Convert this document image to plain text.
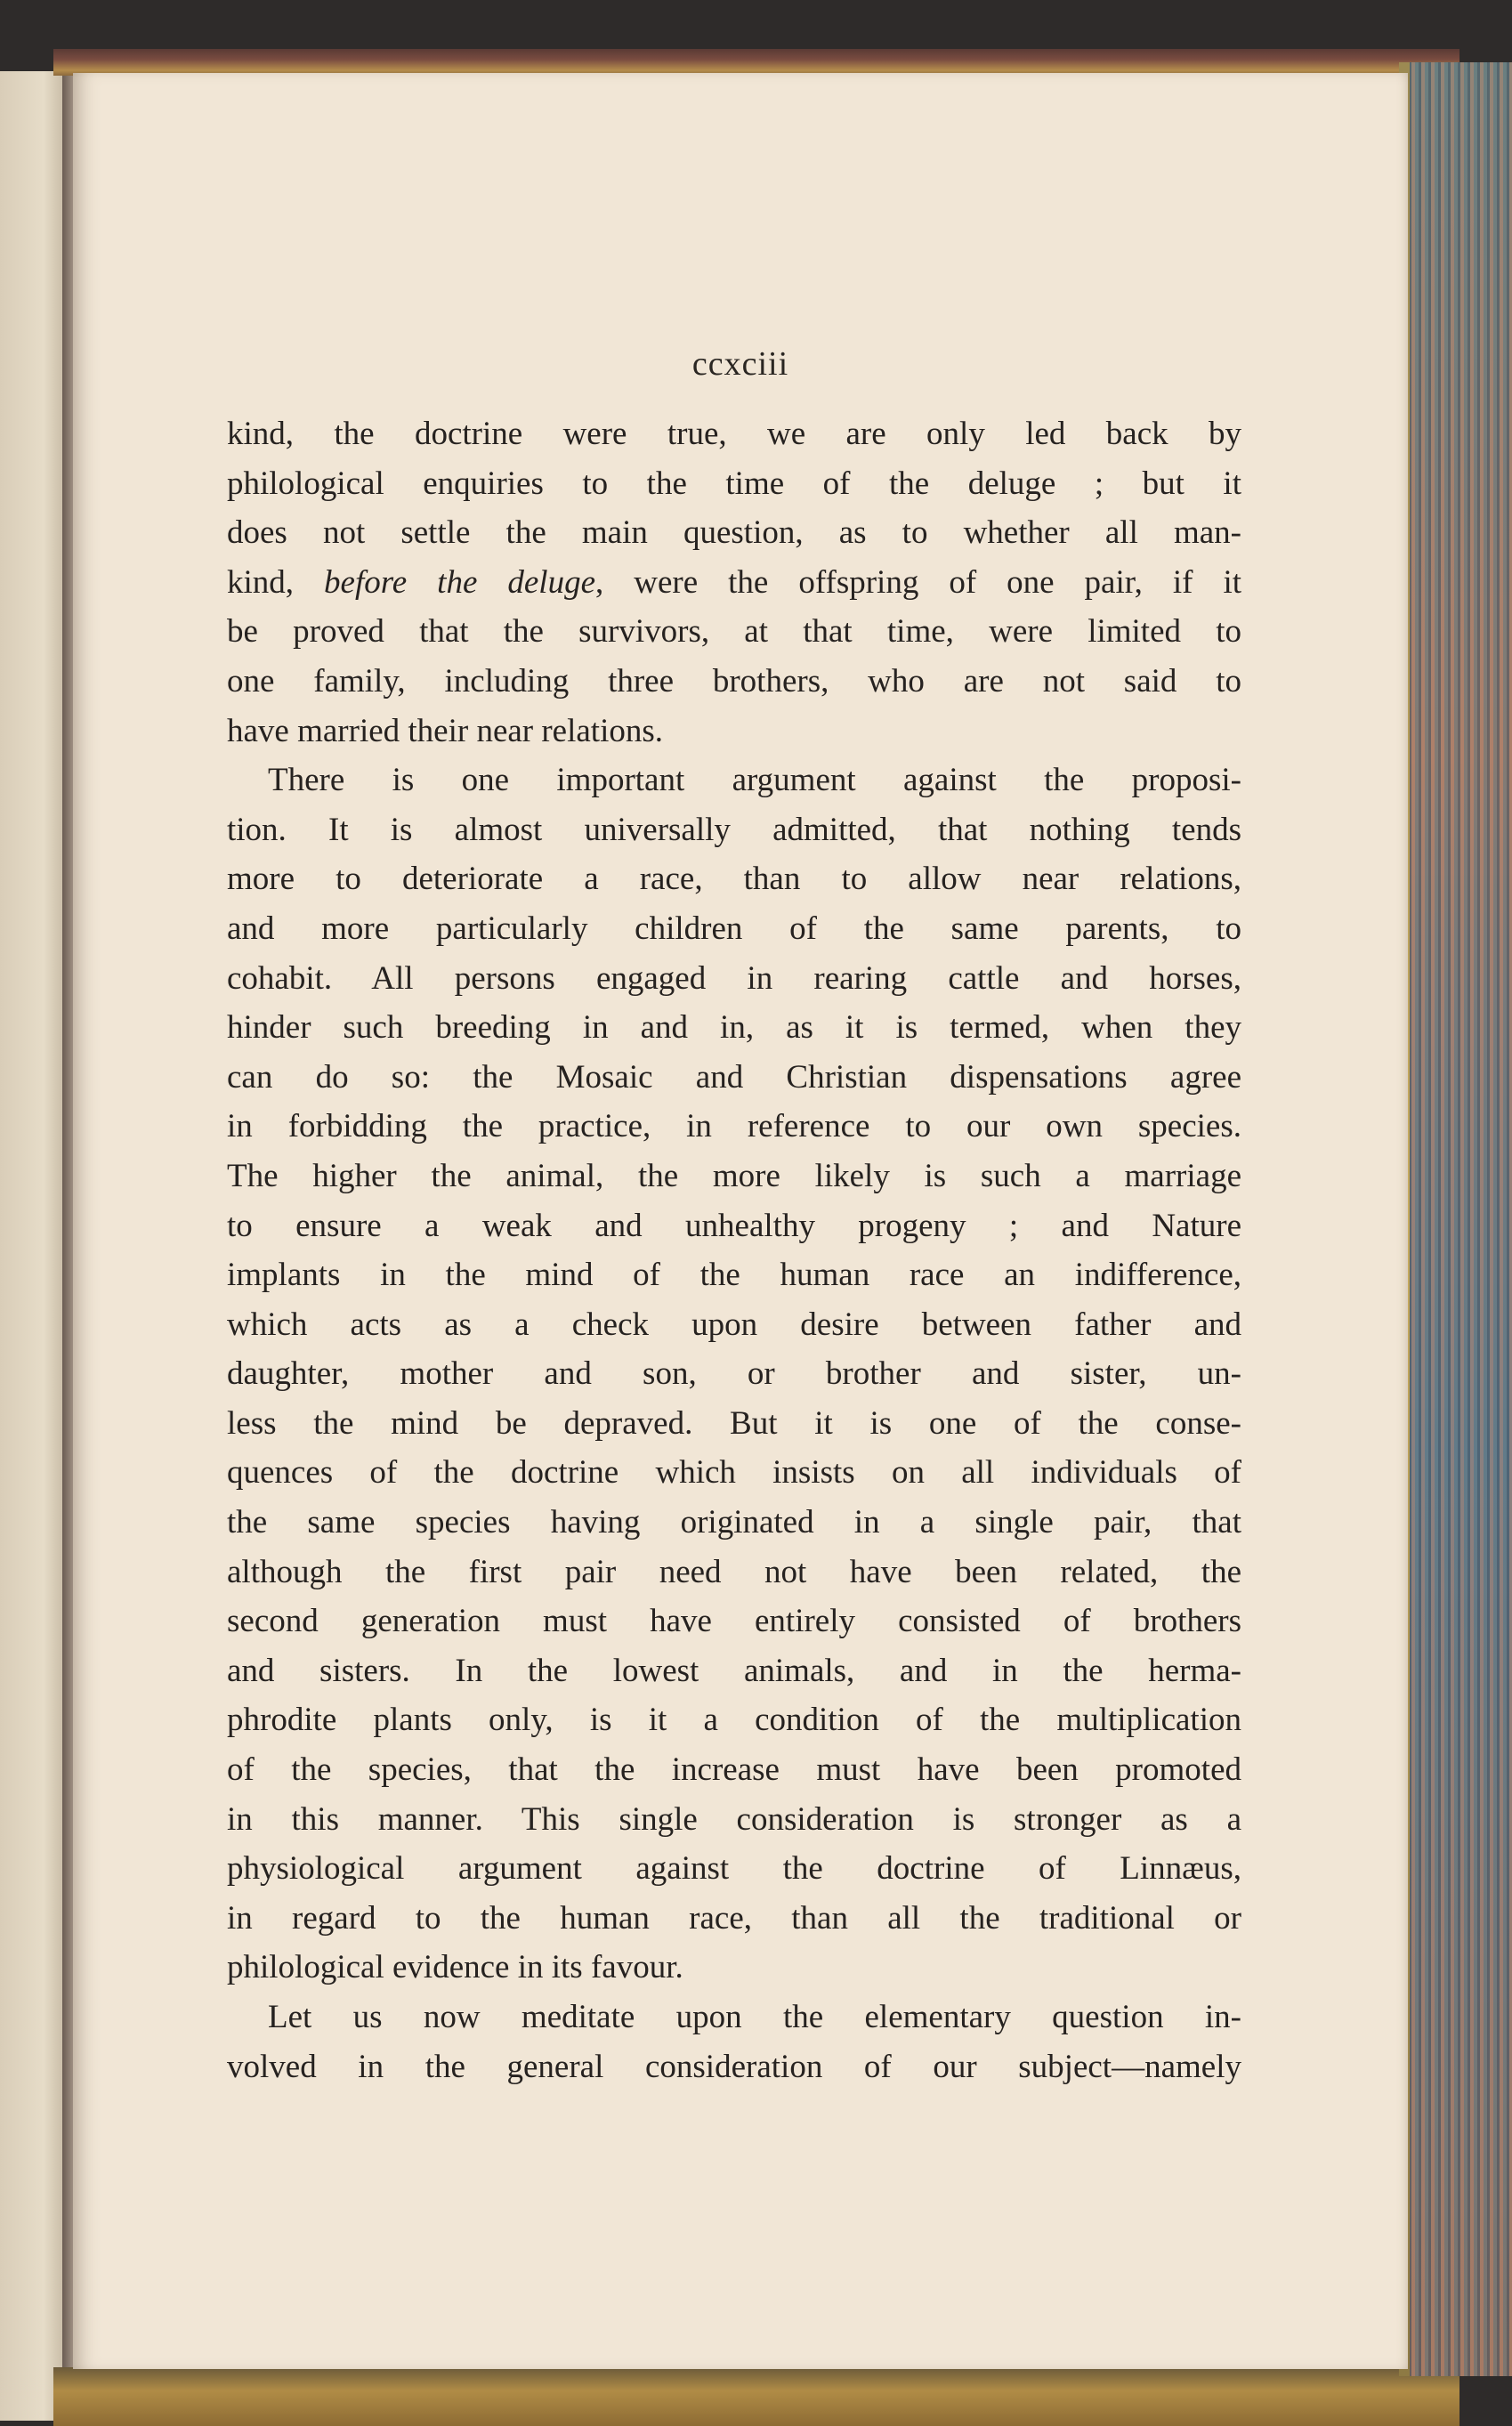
ccxciii
kind, the doctrine were true, we are only led back by
philological enquiries to the time of the deluge ; but it
does not settle the main question, as to whether all man-
kind, before the deluge, were the offspring of one pair, if it
be proved that the survivors, at that time, were limited to
one family, including three brothers, who are not said to
have married their near relations.
There is one important argument against the proposi-
tion. It is almost universally admitted, that nothing tends
more to deteriorate a race, than to allow near relations,
and more particularly children of the same parents, to
cohabit. All persons engaged in rearing cattle and horses,
hinder such breeding in and in, as it is termed, when they
can do so: the Mosaic and Christian dispensations agree
in forbidding the practice, in reference to our own species.
The higher the animal, the more likely is such a marriage
to ensure a weak and unhealthy progeny ; and Nature
implants in the mind of the human race an indifference,
which acts as a check upon desire between father and
daughter, mother and son, or brother and sister, un-
less the mind be depraved. But it is one of the conse-
quences of the doctrine which insists on all individuals of
the same species having originated in a single pair, that
although the first pair need not have been related, the
second generation must have entirely consisted of brothers
and sisters. In the lowest animals, and in the herma-
phrodite plants only, is it a condition of the multiplication
of the species, that the increase must have been promoted
in this manner. This single consideration is stronger as a
physiological argument against the doctrine of Linnæus,
in regard to the human race, than all the traditional or
philological evidence in its favour.
Let us now meditate upon the elementary question in-
volved in the general consideration of our subject—namely
